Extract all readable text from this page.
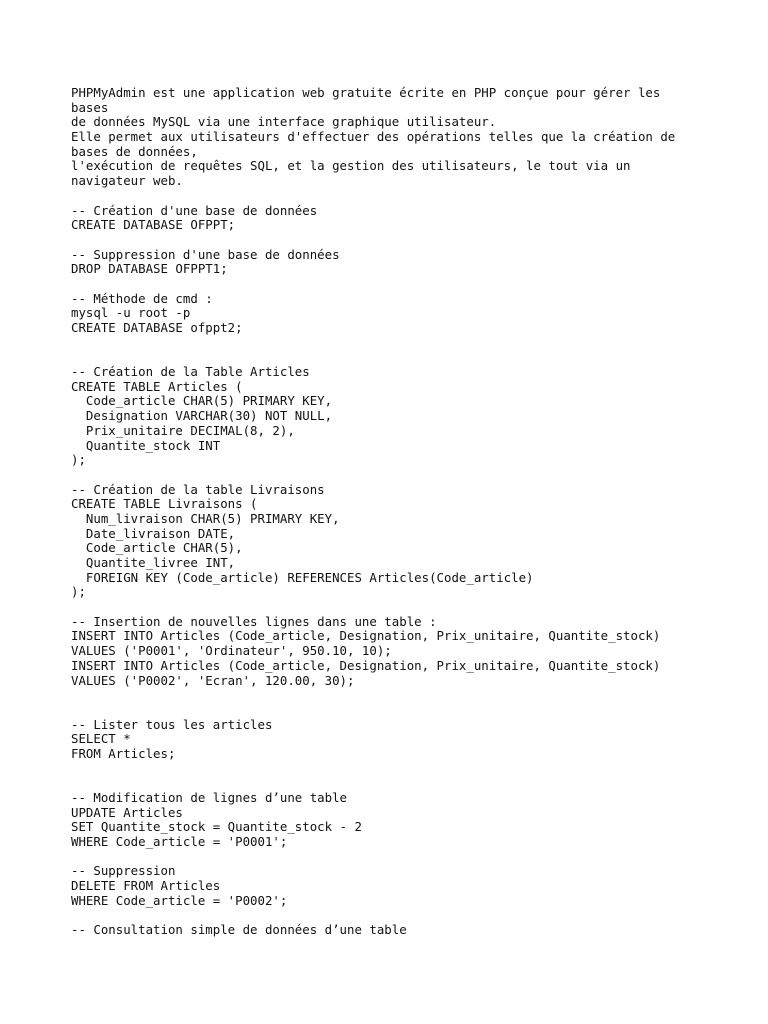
PHPMyAdmin est une application web gratuite écrite en PHP conçue pour gérer les
bases
de données MySQL via une interface graphique utilisateur.
Elle permet aux utilisateurs d'effectuer des opérations telles que la création de
bases de données,
l'exécution de requêtes SQL, et la gestion des utilisateurs, le tout via un
navigateur web.
-- Création d'une base de données
CREATE DATABASE OFPPT;
-- Suppression d'une base de données
DROP DATABASE OFPPT1;
-- Méthode de cmd :
mysql -u root -p
CREATE DATABASE ofppt2;
-- Création de la Table Articles
CREATE TABLE Articles (
Code_article CHAR(5) PRIMARY KEY,
Designation VARCHAR(30) NOT NULL,
Prix_unitaire DECIMAL(8, 2),
Quantite_stock INT
);
-- Création de la table Livraisons
CREATE TABLE Livraisons (
Num_livraison CHAR(5) PRIMARY KEY,
Date_livraison DATE,
Code_article CHAR(5),
Quantite_livree INT,
FOREIGN KEY (Code_article) REFERENCES Articles(Code_article)
);
-- Insertion de nouvelles lignes dans une table :
INSERT INTO Articles (Code_article, Designation, Prix_unitaire, Quantite_stock)
VALUES ('P0001', 'Ordinateur', 950.10, 10);
INSERT INTO Articles (Code_article, Designation, Prix_unitaire, Quantite_stock)
VALUES ('P0002', 'Ecran', 120.00, 30);
-- Lister tous les articles
SELECT *
FROM Articles;
-- Modification de lignes d’une table
UPDATE Articles
SET Quantite_stock = Quantite_stock - 2
WHERE Code_article = 'P0001';
-- Suppression
DELETE FROM Articles
WHERE Code_article = 'P0002';
-- Consultation simple de données d’une table
